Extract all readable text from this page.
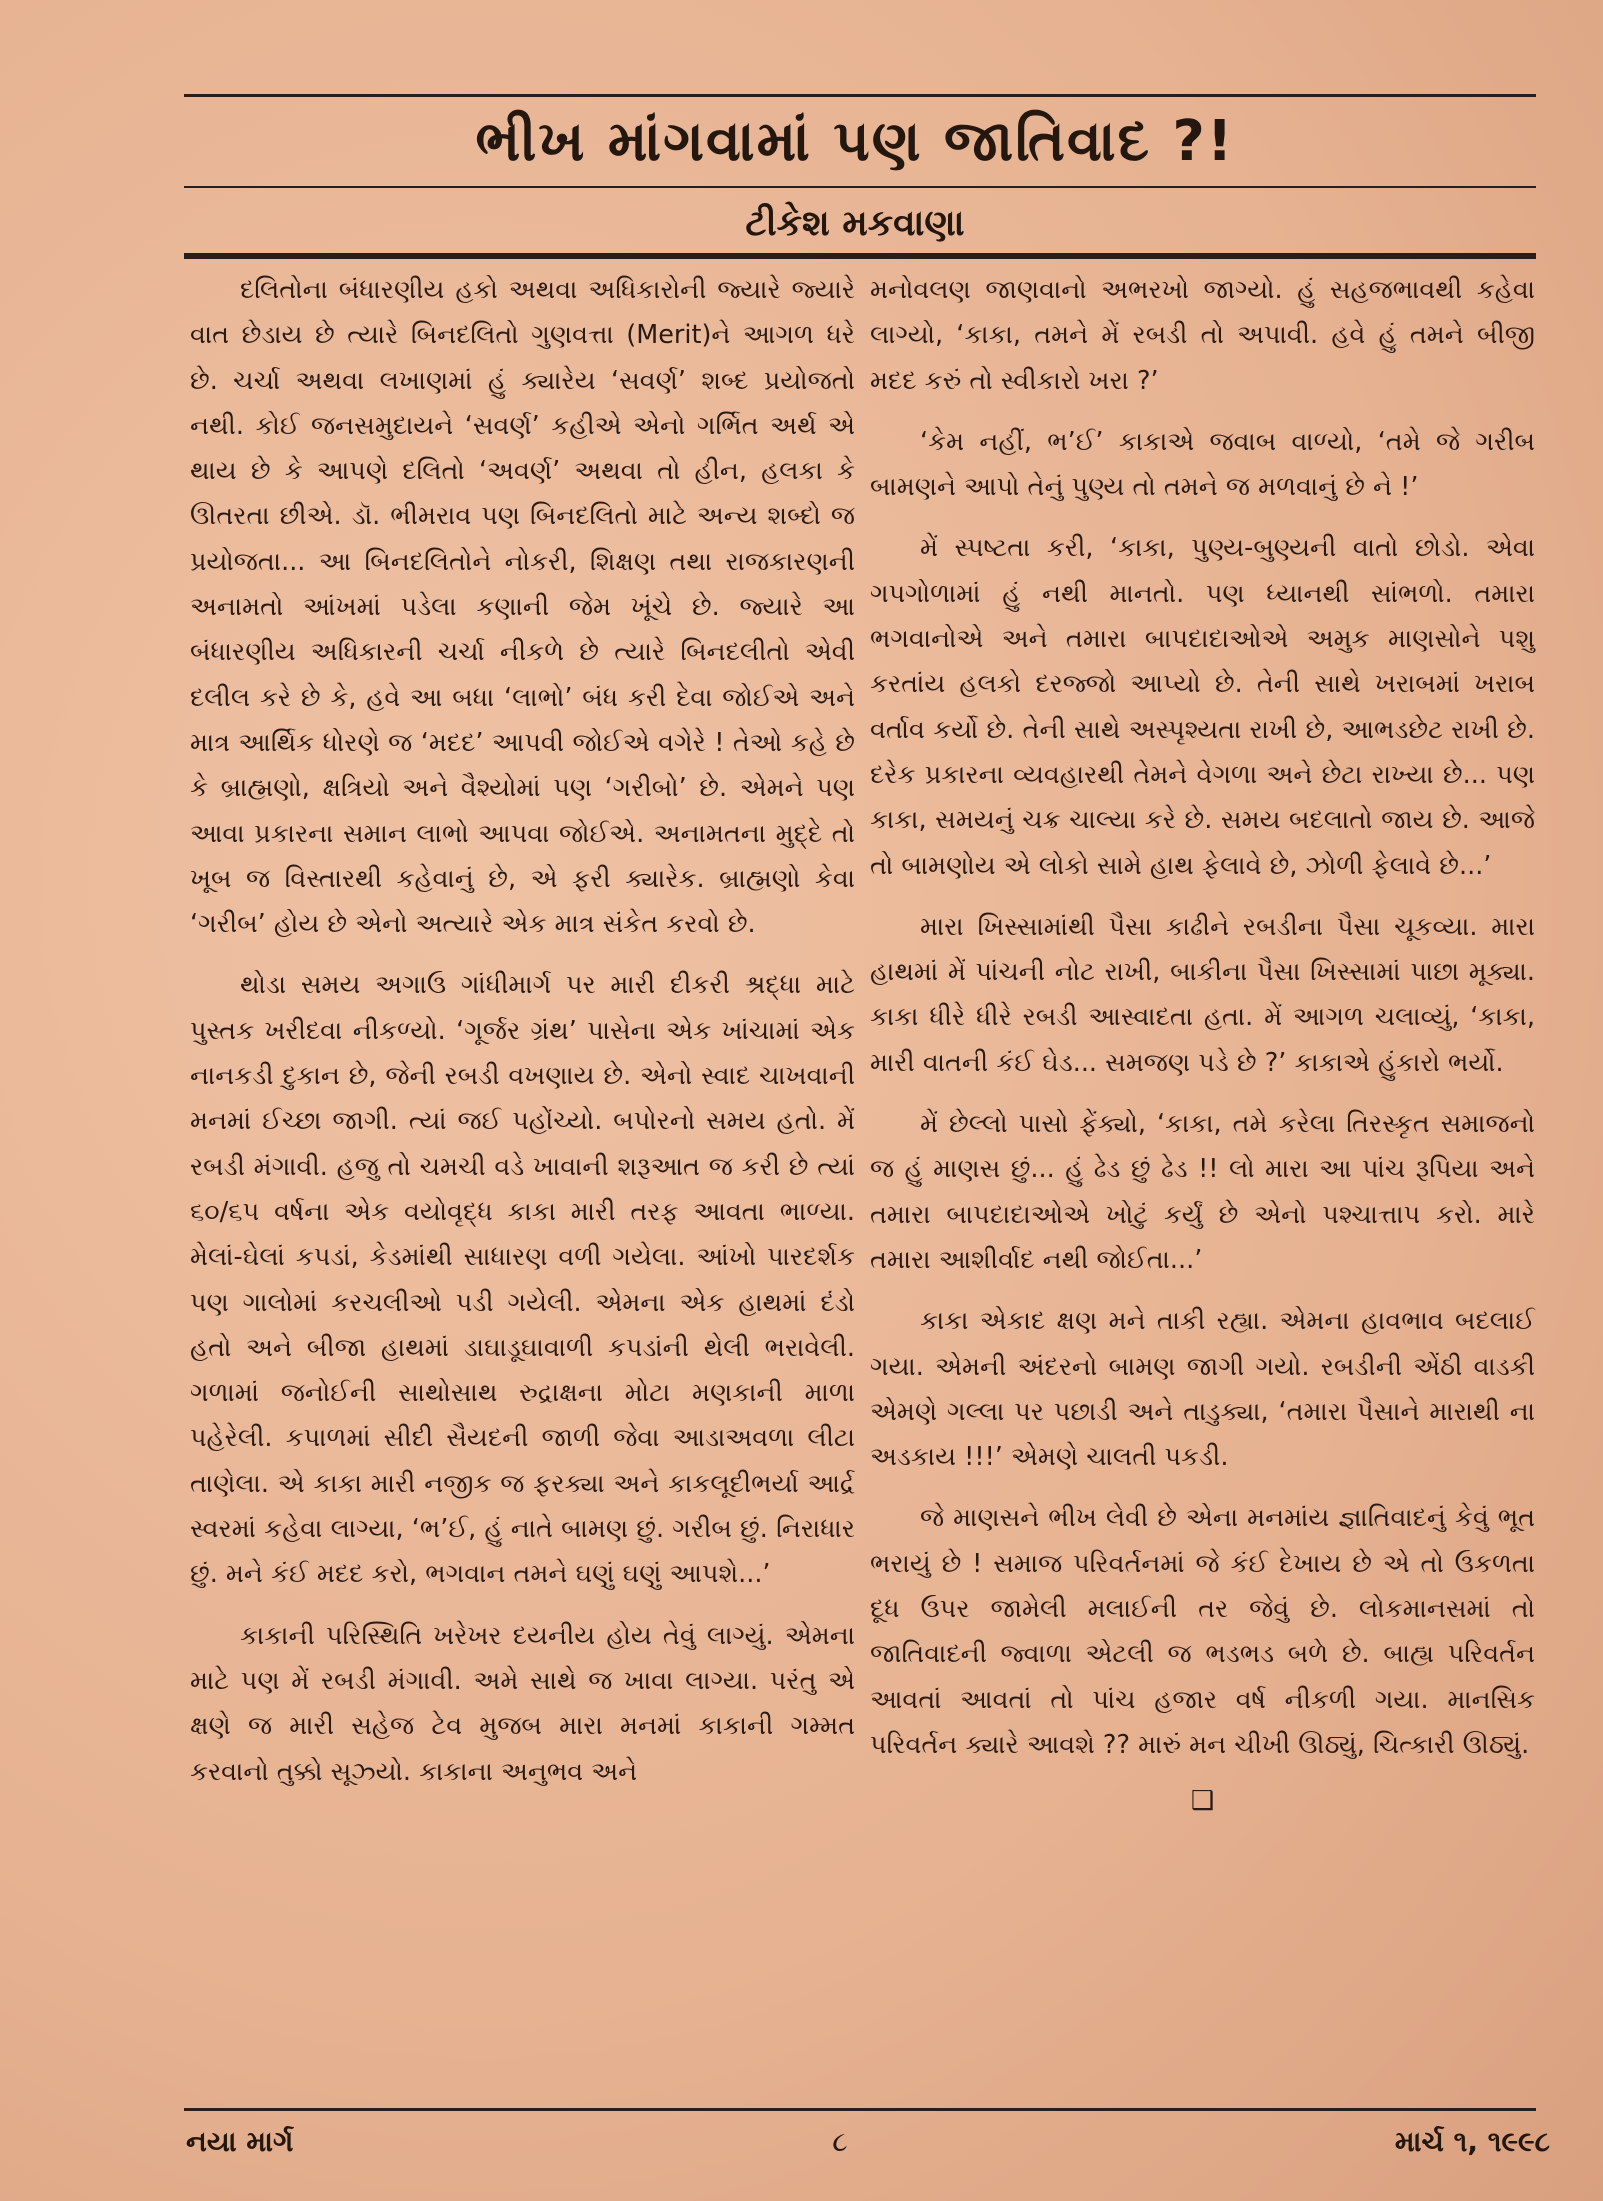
ભીખ માંગવામાં પણ જાતિવાદ ?!
ટીકેશ મકવાણા

દલિતોના બંધારણીય હકો અથવા અધિકારોની જ્યારે જ્યારે વાત છેડાય છે ત્યારે બિનદલિતો ગુણવત્તા (Merit)ને આગળ ધરે છે. ચર્ચા અથવા લખાણમાં હું ક્યારેય ‘સવર્ણ’ શબ્દ પ્રયોજતો નથી. કોઈ જનસમુદાયને ‘સવર્ણ’ કહીએ એનો ગર્ભિત અર્થ એ થાય છે કે આપણે દલિતો ‘અવર્ણ’ અથવા તો હીન, હલકા કે ઊતરતા છીએ. ડૉ. ભીમરાવ પણ બિનદલિતો માટે અન્ય શબ્દો જ પ્રયોજતા... આ બિનદલિતોને નોકરી, શિક્ષણ તથા રાજકારણની અનામતો આંખમાં પડેલા કણાની જેમ ખૂંચે છે. જ્યારે આ બંધારણીય અધિકારની ચર્ચા નીકળે છે ત્યારે બિનદલીતો એવી દલીલ કરે છે કે, હવે આ બધા ‘લાભો’ બંધ કરી દેવા જોઈએ અને માત્ર આર્થિક ધોરણે જ ‘મદદ’ આપવી જોઈએ વગેરે ! તેઓ કહે છે કે બ્રાહ્મણો, ક્ષત્રિયો અને વૈશ્યોમાં પણ ‘ગરીબો’ છે. એમને પણ આવા પ્રકારના સમાન લાભો આપવા જોઈએ. અનામતના મુદ્દે તો ખૂબ જ વિસ્તારથી કહેવાનું છે, એ ફરી ક્યારેક. બ્રાહ્મણો કેવા ‘ગરીબ’ હોય છે એનો અત્યારે એક માત્ર સંકેત કરવો છે.

થોડા સમય અગાઉ ગાંધીમાર્ગ પર મારી દીકરી શ્રદ્ધા માટે પુસ્તક ખરીદવા નીકળ્યો. ‘ગૂર્જર ગ્રંથ’ પાસેના એક ખાંચામાં એક નાનકડી દુકાન છે, જેની રબડી વખણાય છે. એનો સ્વાદ ચાખવાની મનમાં ઈચ્છા જાગી. ત્યાં જઈ પહોંચ્યો. બપોરનો સમય હતો. મેં રબડી મંગાવી. હજુ તો ચમચી વડે ખાવાની શરૂઆત જ કરી છે ત્યાં ૬૦/૬૫ વર્ષના એક વયોવૃદ્ધ કાકા મારી તરફ આવતા ભાળ્યા. મેલાં-ઘેલાં કપડાં, કેડમાંથી સાધારણ વળી ગયેલા. આંખો પારદર્શક પણ ગાલોમાં કરચલીઓ પડી ગયેલી. એમના એક હાથમાં દંડો હતો અને બીજા હાથમાં ડાઘાડૂઘાવાળી કપડાંની થેલી ભરાવેલી. ગળામાં જનોઈની સાથોસાથ રુદ્રાક્ષના મોટા મણકાની માળા પહેરેલી. કપાળમાં સીદી સૈયદની જાળી જેવા આડાઅવળા લીટા તાણેલા. એ કાકા મારી નજીક જ ફરક્યા અને કાકલૂદીભર્યા આર્દ્ર સ્વરમાં કહેવા લાગ્યા, ‘ભ’ઈ, હું નાતે બામણ છું. ગરીબ છું. નિરાધાર છું. મને કંઈ મદદ કરો, ભગવાન તમને ઘણું ઘણું આપશે...’

કાકાની પરિસ્થિતિ ખરેખર દયનીય હોય તેવું લાગ્યું. એમના માટે પણ મેં રબડી મંગાવી. અમે સાથે જ ખાવા લાગ્યા. પરંતુ એ ક્ષણે જ મારી સહેજ ટેવ મુજબ મારા મનમાં કાકાની ગમ્મત કરવાનો તુક્કો સૂઝ્યો. કાકાના અનુભવ અને

મનોવલણ જાણવાનો અભરખો જાગ્યો. હું સહજભાવથી કહેવા લાગ્યો, ‘કાકા, તમને મેં રબડી તો અપાવી. હવે હું તમને બીજી મદદ કરું તો સ્વીકારો ખરા ?’

‘કેમ નહીં, ભ’ઈ’ કાકાએ જવાબ વાળ્યો, ‘તમે જે ગરીબ બામણને આપો તેનું પુણ્ય તો તમને જ મળવાનું છે ને !’

મેં સ્પષ્ટતા કરી, ‘કાકા, પુણ્ય-બુણ્યની વાતો છોડો. એવા ગપગોળામાં હું નથી માનતો. પણ ધ્યાનથી સાંભળો. તમારા ભગવાનોએ અને તમારા બાપદાદાઓએ અમુક માણસોને પશુ કરતાંય હલકો દરજ્જો આપ્યો છે. તેની સાથે ખરાબમાં ખરાબ વર્તાવ કર્યો છે. તેની સાથે અસ્પૃશ્યતા રાખી છે, આભડછેટ રાખી છે. દરેક પ્રકારના વ્યવહારથી તેમને વેગળા અને છેટા રાખ્યા છે... પણ કાકા, સમયનું ચક્ર ચાલ્યા કરે છે. સમય બદલાતો જાય છે. આજે તો બામણોય એ લોકો સામે હાથ ફેલાવે છે, ઝોળી ફેલાવે છે...’

મારા ખિસ્સામાંથી પૈસા કાઢીને રબડીના પૈસા ચૂકવ્યા. મારા હાથમાં મેં પાંચની નોટ રાખી, બાકીના પૈસા ખિસ્સામાં પાછા મૂક્યા. કાકા ધીરે ધીરે રબડી આસ્વાદતા હતા. મેં આગળ ચલાવ્યું, ‘કાકા, મારી વાતની કંઈ ઘેડ... સમજણ પડે છે ?’ કાકાએ હુંકારો ભર્યો.

મેં છેલ્લો પાસો ફેંક્યો, ‘કાકા, તમે કરેલા તિરસ્કૃત સમાજનો જ હું માણસ છું... હું ઢેડ છું ઢેડ !! લો મારા આ પાંચ રૂપિયા અને તમારા બાપદાદાઓએ ખોટું કર્યું છે એનો પશ્ચાત્તાપ કરો. મારે તમારા આશીર્વાદ નથી જોઈતા...’

કાકા એકાદ ક્ષણ મને તાકી રહ્યા. એમના હાવભાવ બદલાઈ ગયા. એમની અંદરનો બામણ જાગી ગયો. રબડીની એંઠી વાડકી એમણે ગલ્લા પર પછાડી અને તાડુક્યા, ‘તમારા પૈસાને મારાથી ના અડકાય !!!’ એમણે ચાલતી પકડી.

જે માણસને ભીખ લેવી છે એના મનમાંય જ્ઞાતિવાદનું કેવું ભૂત ભરાયું છે ! સમાજ પરિવર્તનમાં જે કંઈ દેખાય છે એ તો ઉકળતા દૂધ ઉપર જામેલી મલાઈની તર જેવું છે. લોકમાનસમાં તો જાતિવાદની જ્વાળા એટલી જ ભડભડ બળે છે. બાહ્ય પરિવર્તન આવતાં આવતાં તો પાંચ હજાર વર્ષ નીકળી ગયા. માનસિક પરિવર્તન ક્યારે આવશે ?? મારું મન ચીખી ઊઠ્યું, ચિત્કારી ઊઠ્યું.

❑
નયા માર્ગ	૮	માર્ચ ૧, ૧૯૯૮
